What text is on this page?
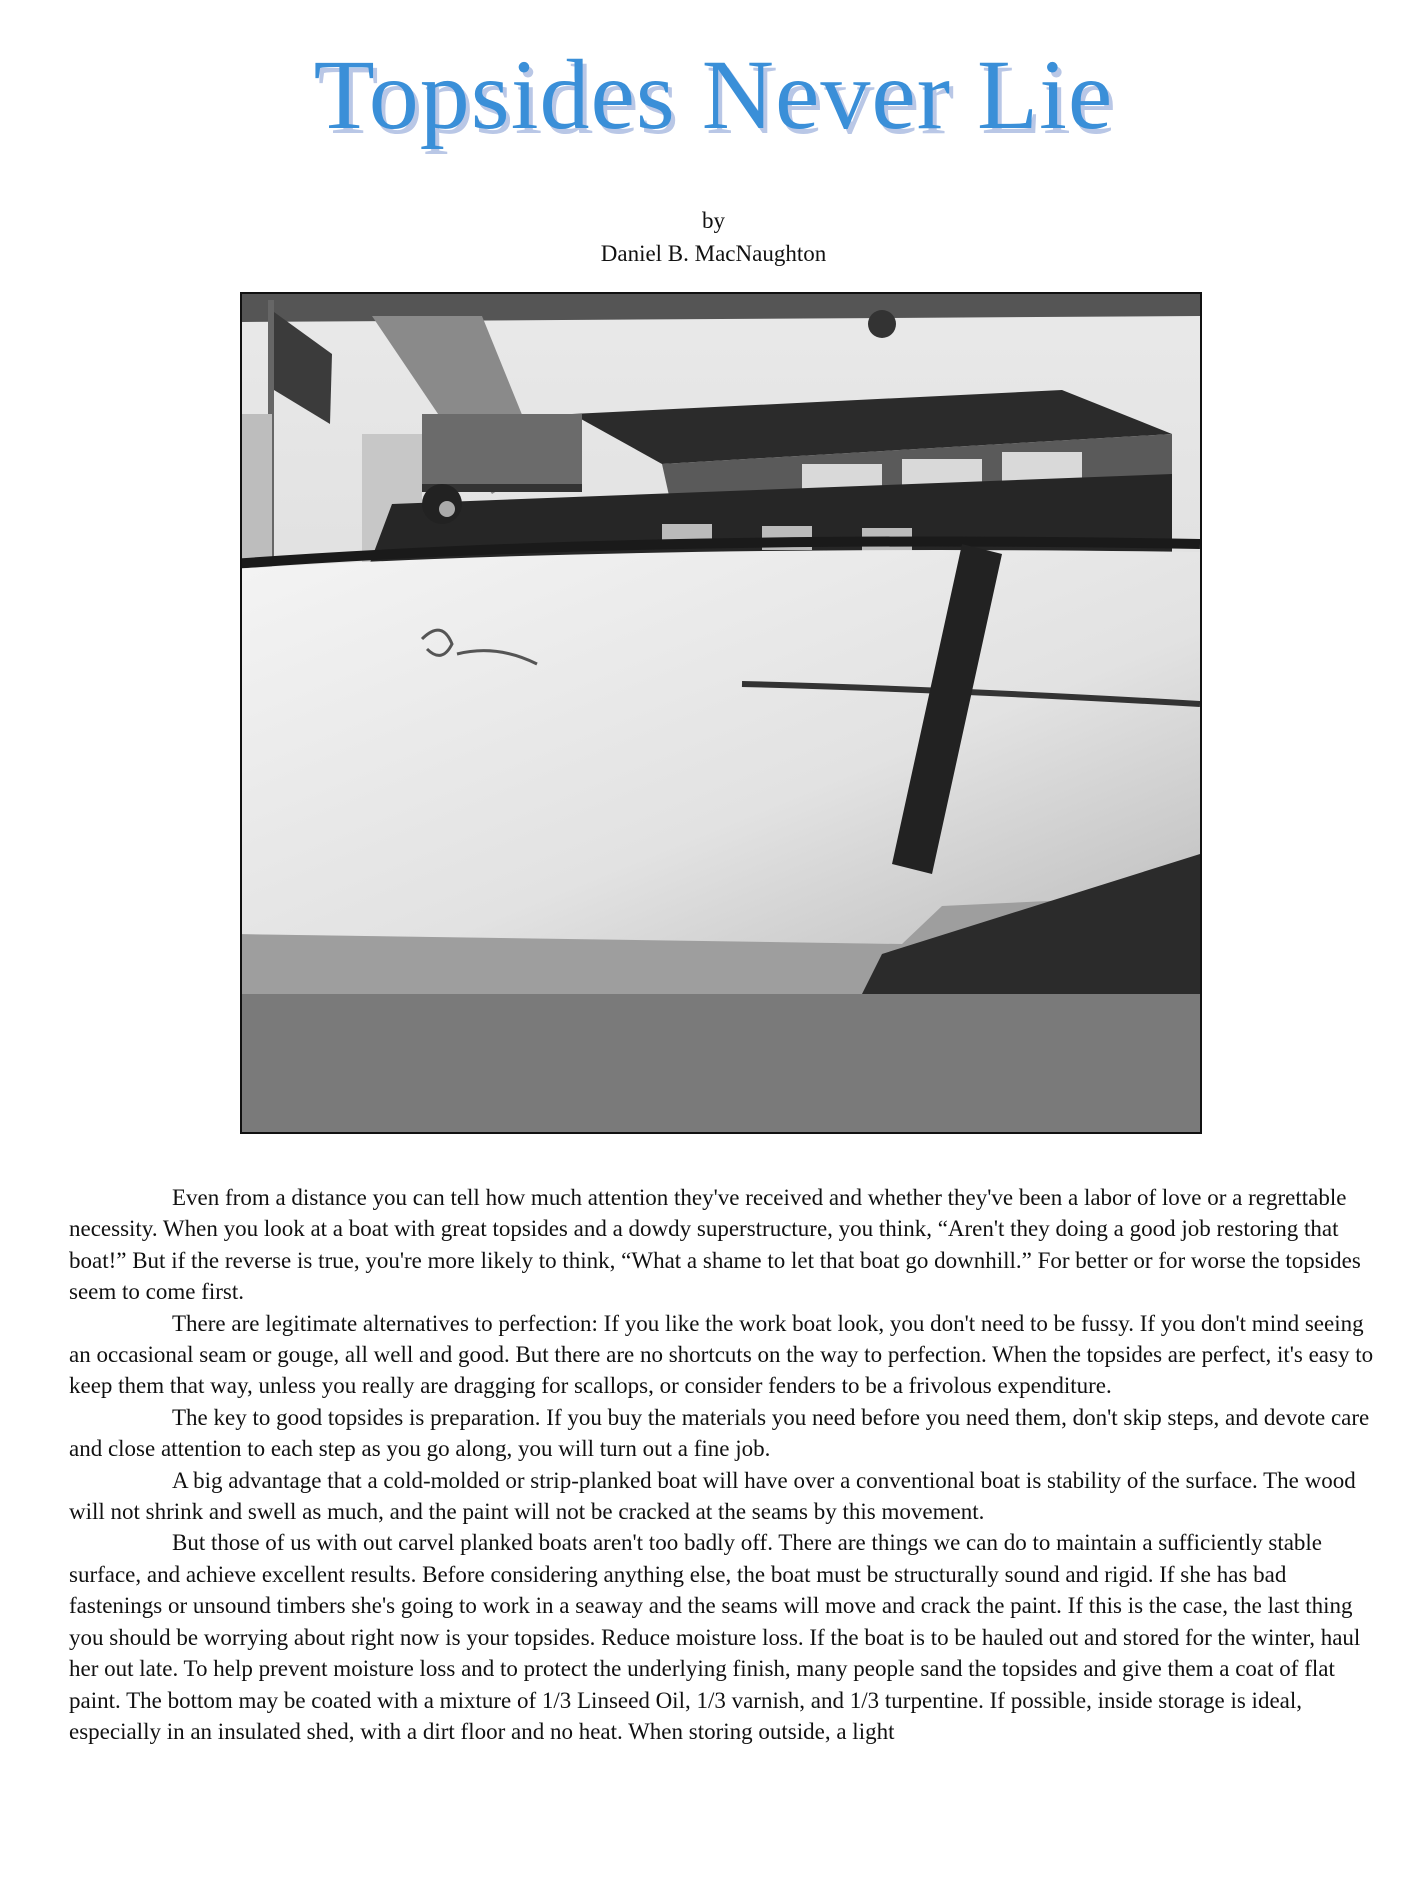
Topsides Never Lie
by
Daniel B. MacNaughton

Even from a distance you can tell how much attention they've received and whether they've been a labor of love or a regrettable necessity. When you look at a boat with great topsides and a dowdy superstructure, you think, “Aren't they doing a good job restoring that boat!” But if the reverse is true, you're more likely to think, “What a shame to let that boat go downhill.” For better or for worse the topsides seem to come first.

There are legitimate alternatives to perfection: If you like the work boat look, you don't need to be fussy. If you don't mind seeing an occasional seam or gouge, all well and good. But there are no shortcuts on the way to perfection. When the topsides are perfect, it's easy to keep them that way, unless you really are dragging for scallops, or consider fenders to be a frivolous expenditure.

The key to good topsides is preparation. If you buy the materials you need before you need them, don't skip steps, and devote care and close attention to each step as you go along, you will turn out a fine job.

A big advantage that a cold-molded or strip-planked boat will have over a conventional boat is stability of the surface. The wood will not shrink and swell as much, and the paint will not be cracked at the seams by this movement.

But those of us with out carvel planked boats aren't too badly off. There are things we can do to maintain a sufficiently stable surface, and achieve excellent results. Before considering anything else, the boat must be structurally sound and rigid. If she has bad fastenings or unsound timbers she's going to work in a seaway and the seams will move and crack the paint. If this is the case, the last thing you should be worrying about right now is your topsides. Reduce moisture loss. If the boat is to be hauled out and stored for the winter, haul her out late. To help prevent moisture loss and to protect the underlying finish, many people sand the topsides and give them a coat of flat paint. The bottom may be coated with a mixture of 1/3 Linseed Oil, 1/3 varnish, and 1/3 turpentine. If possible, inside storage is ideal, especially in an insulated shed, with a dirt floor and no heat. When storing outside, a light
